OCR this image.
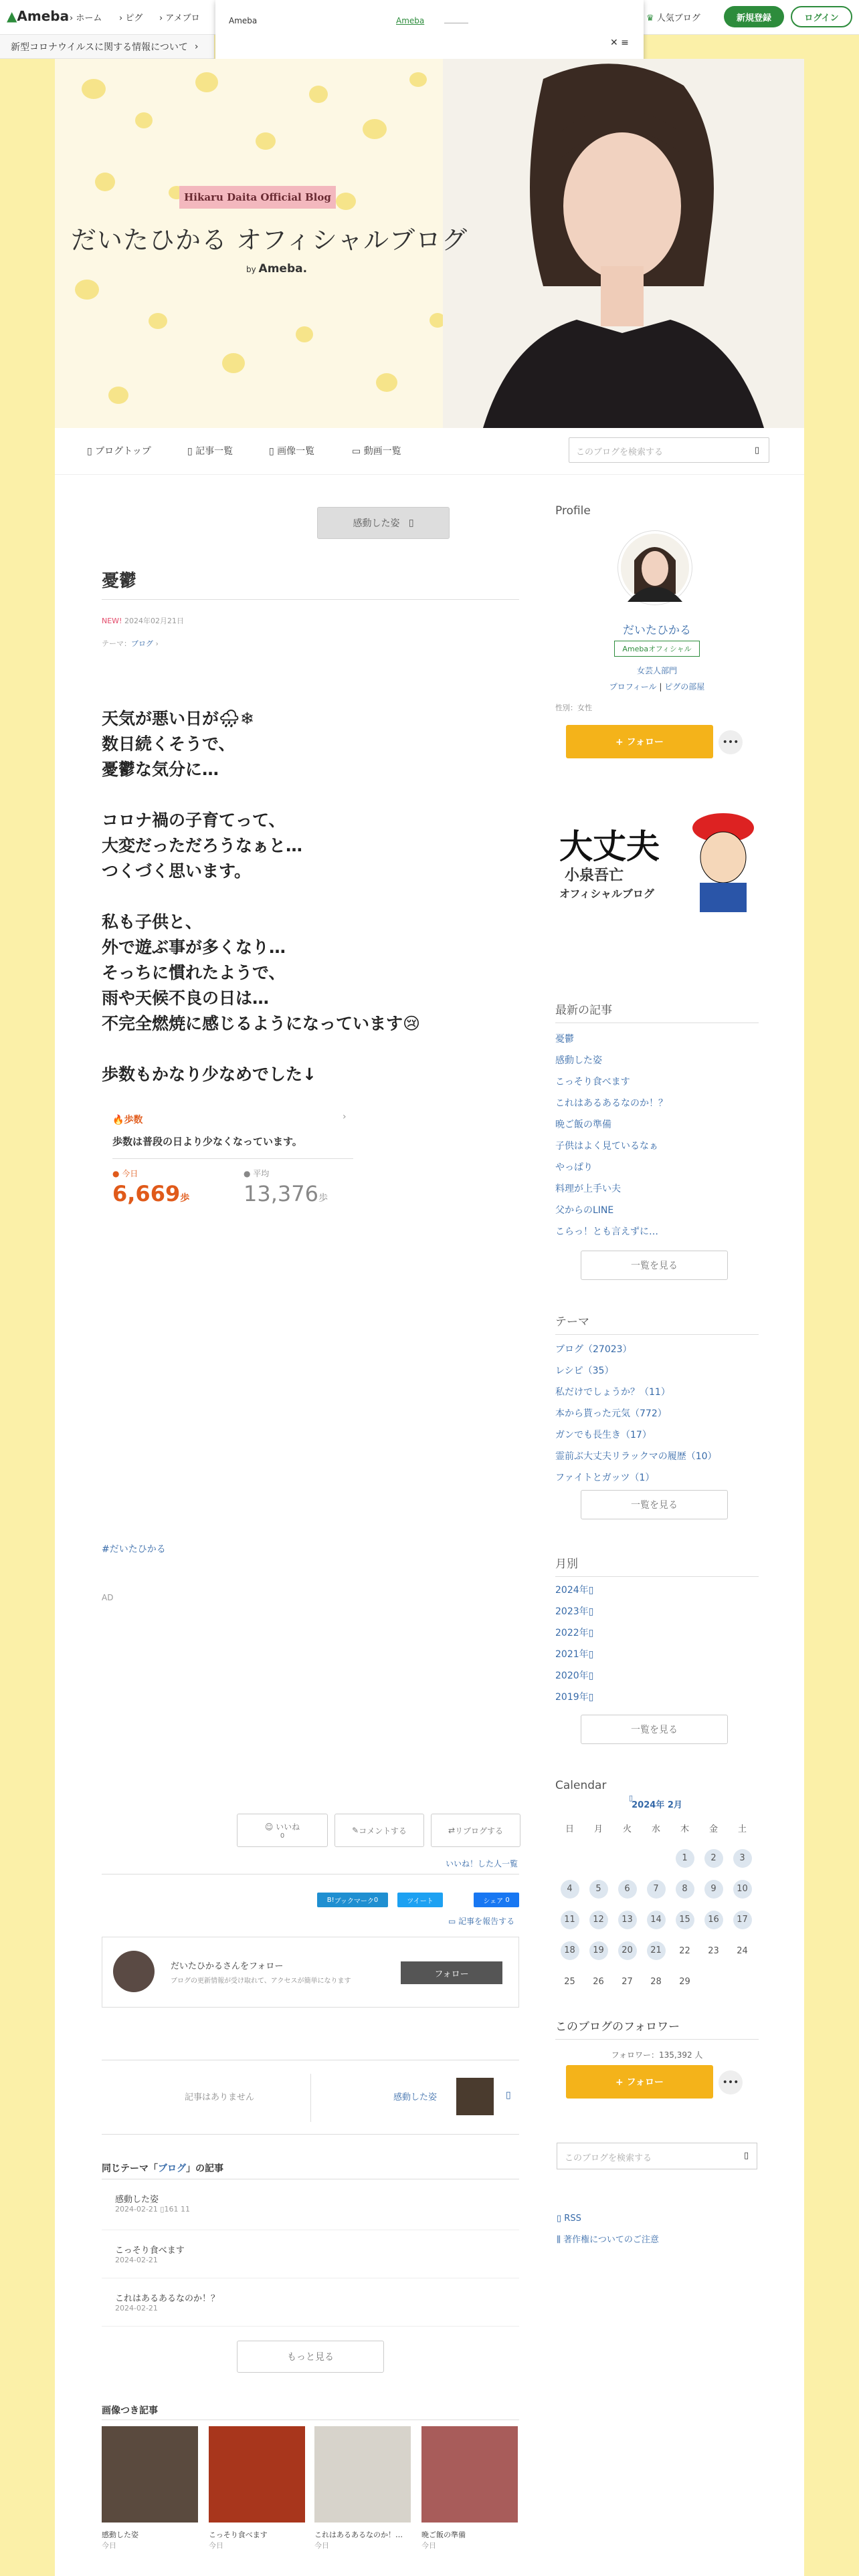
▲Ameba › ホーム › ピグ › アメブロ	♛ 人気ブログ	新規登録	ログイン
新型コロナウイルスに関する情報について ›
Ameba	Ameba
✕ ≡
Hikaru Daita Official Blog
だいたひかる オフィシャルブログ
by Ameba.
▯ ブログトップ	▯ 記事一覧	▯ 画像一覧	▭ 動画一覧	このブログを検索する	▯
感動した姿 ▯
憂鬱
NEW! 2024年02月21日
テーマ：ブログ ›
天気が悪い日が🌧❄
数日続くそうで、
憂鬱な気分に…

コロナ禍の子育てって、
大変だっただろうなぁと…
つくづく思います。

私も子供と、
外で遊ぶ事が多くなり…
そっちに慣れたようで、
雨や天候不良の日は…
不完全燃焼に感じるようになっています😢

歩数もかなり少なめでした↓
🔥歩数	›
歩数は普段の日より少なくなっています。
● 今日
6,669歩
● 平均
13,376歩
#だいたひかる
AD
☺ いいね
0
✎ コメントする	⇄ リブログする
いいね！した人一覧
B! ブックマーク 0	ツイート	シェア
0
▭ 記事を報告する
だいたひかるさんをフォロー
ブログの更新情報が受け取れて、アクセスが簡単になります
フォロー
記事はありません	感動した姿	▯
同じテーマ「ブログ」の記事
感動した姿
2024-02-21 ▯161 11
こっそり食べます
2024-02-21
これはあるあるなのか！？
2024-02-21
もっと見る
画像つき記事
感動した姿
今日
こっそり食べます
今日
これはあるあるなのか！…
今日
晩ご飯の準備
今日
Profile
だいたひかる
Amebaオフィシャル
女芸人部門
プロフィール | ピグの部屋
性別：女性
+ フォロー	•••
大丈夫
小泉吾亡
オフィシャルブログ
最新の記事
憂鬱
感動した姿
こっそり食べます
これはあるあるなのか！？
晩ご飯の準備
子供はよく見ているなぁ
やっぱり
料理が上手い夫
父からのLINE
こらっ！とも言えずに…
一覧を見る
テーマ
ブログ（27023）
レシピ（35）
私だけでしょうか？（11）
本から貰った元気（772）
ガンでも長生き（17）
霊前ぶ大丈夫リラックマの履歴（10）
ファイトとガッツ（1）
一覧を見る
月別
2024年▯
2023年▯
2022年▯
2021年▯
2020年▯
2019年▯
一覧を見る
Calendar
▯
2024年 2月
日	月	火	水	木	金	土
				1	2	3
4	5	6	7	8	9	10
11	12	13	14	15	16	17
18	19	20	21	22	23	24
25	26	27	28	29		
このブログのフォロワー
フォロワー：135,392 人
+ フォロー	•••
このブログを検索する	▯
▯ RSS
⫼ 著作権についてのご注意
